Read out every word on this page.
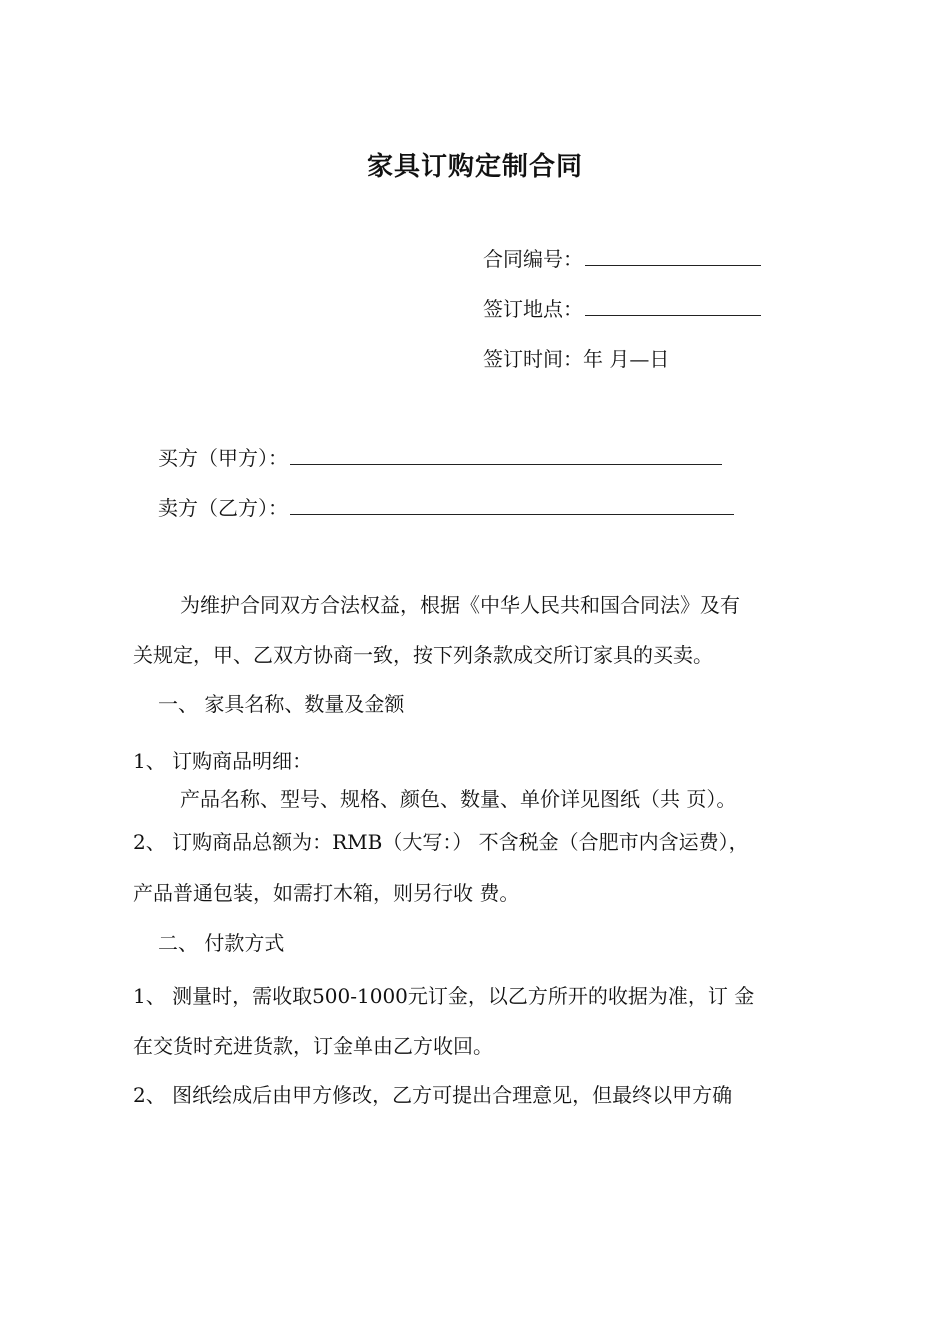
家具订购定制合同
合同编号：
签订地点：
签订时间：年 月—日
买方（甲方）：
卖方（乙方）：
为维护合同双方合法权益，根据《中华人民共和国合同法》及有
关规定，甲、乙双方协商一致，按下列条款成交所订家具的买卖。
一、 家具名称、数量及金额
1、 订购商品明细：
产品名称、型号、规格、颜色、数量、单价详见图纸（共 页）。
2、 订购商品总额为：RMB（大写：） 不含税金（合肥市内含运费），
产品普通包装，如需打木箱，则另行收 费。
二、 付款方式
1、 测量时，需收取500-1000元订金，以乙方所开的收据为准，订 金
在交货时充进货款，订金单由乙方收回。
2、 图纸绘成后由甲方修改，乙方可提出合理意见，但最终以甲方确
